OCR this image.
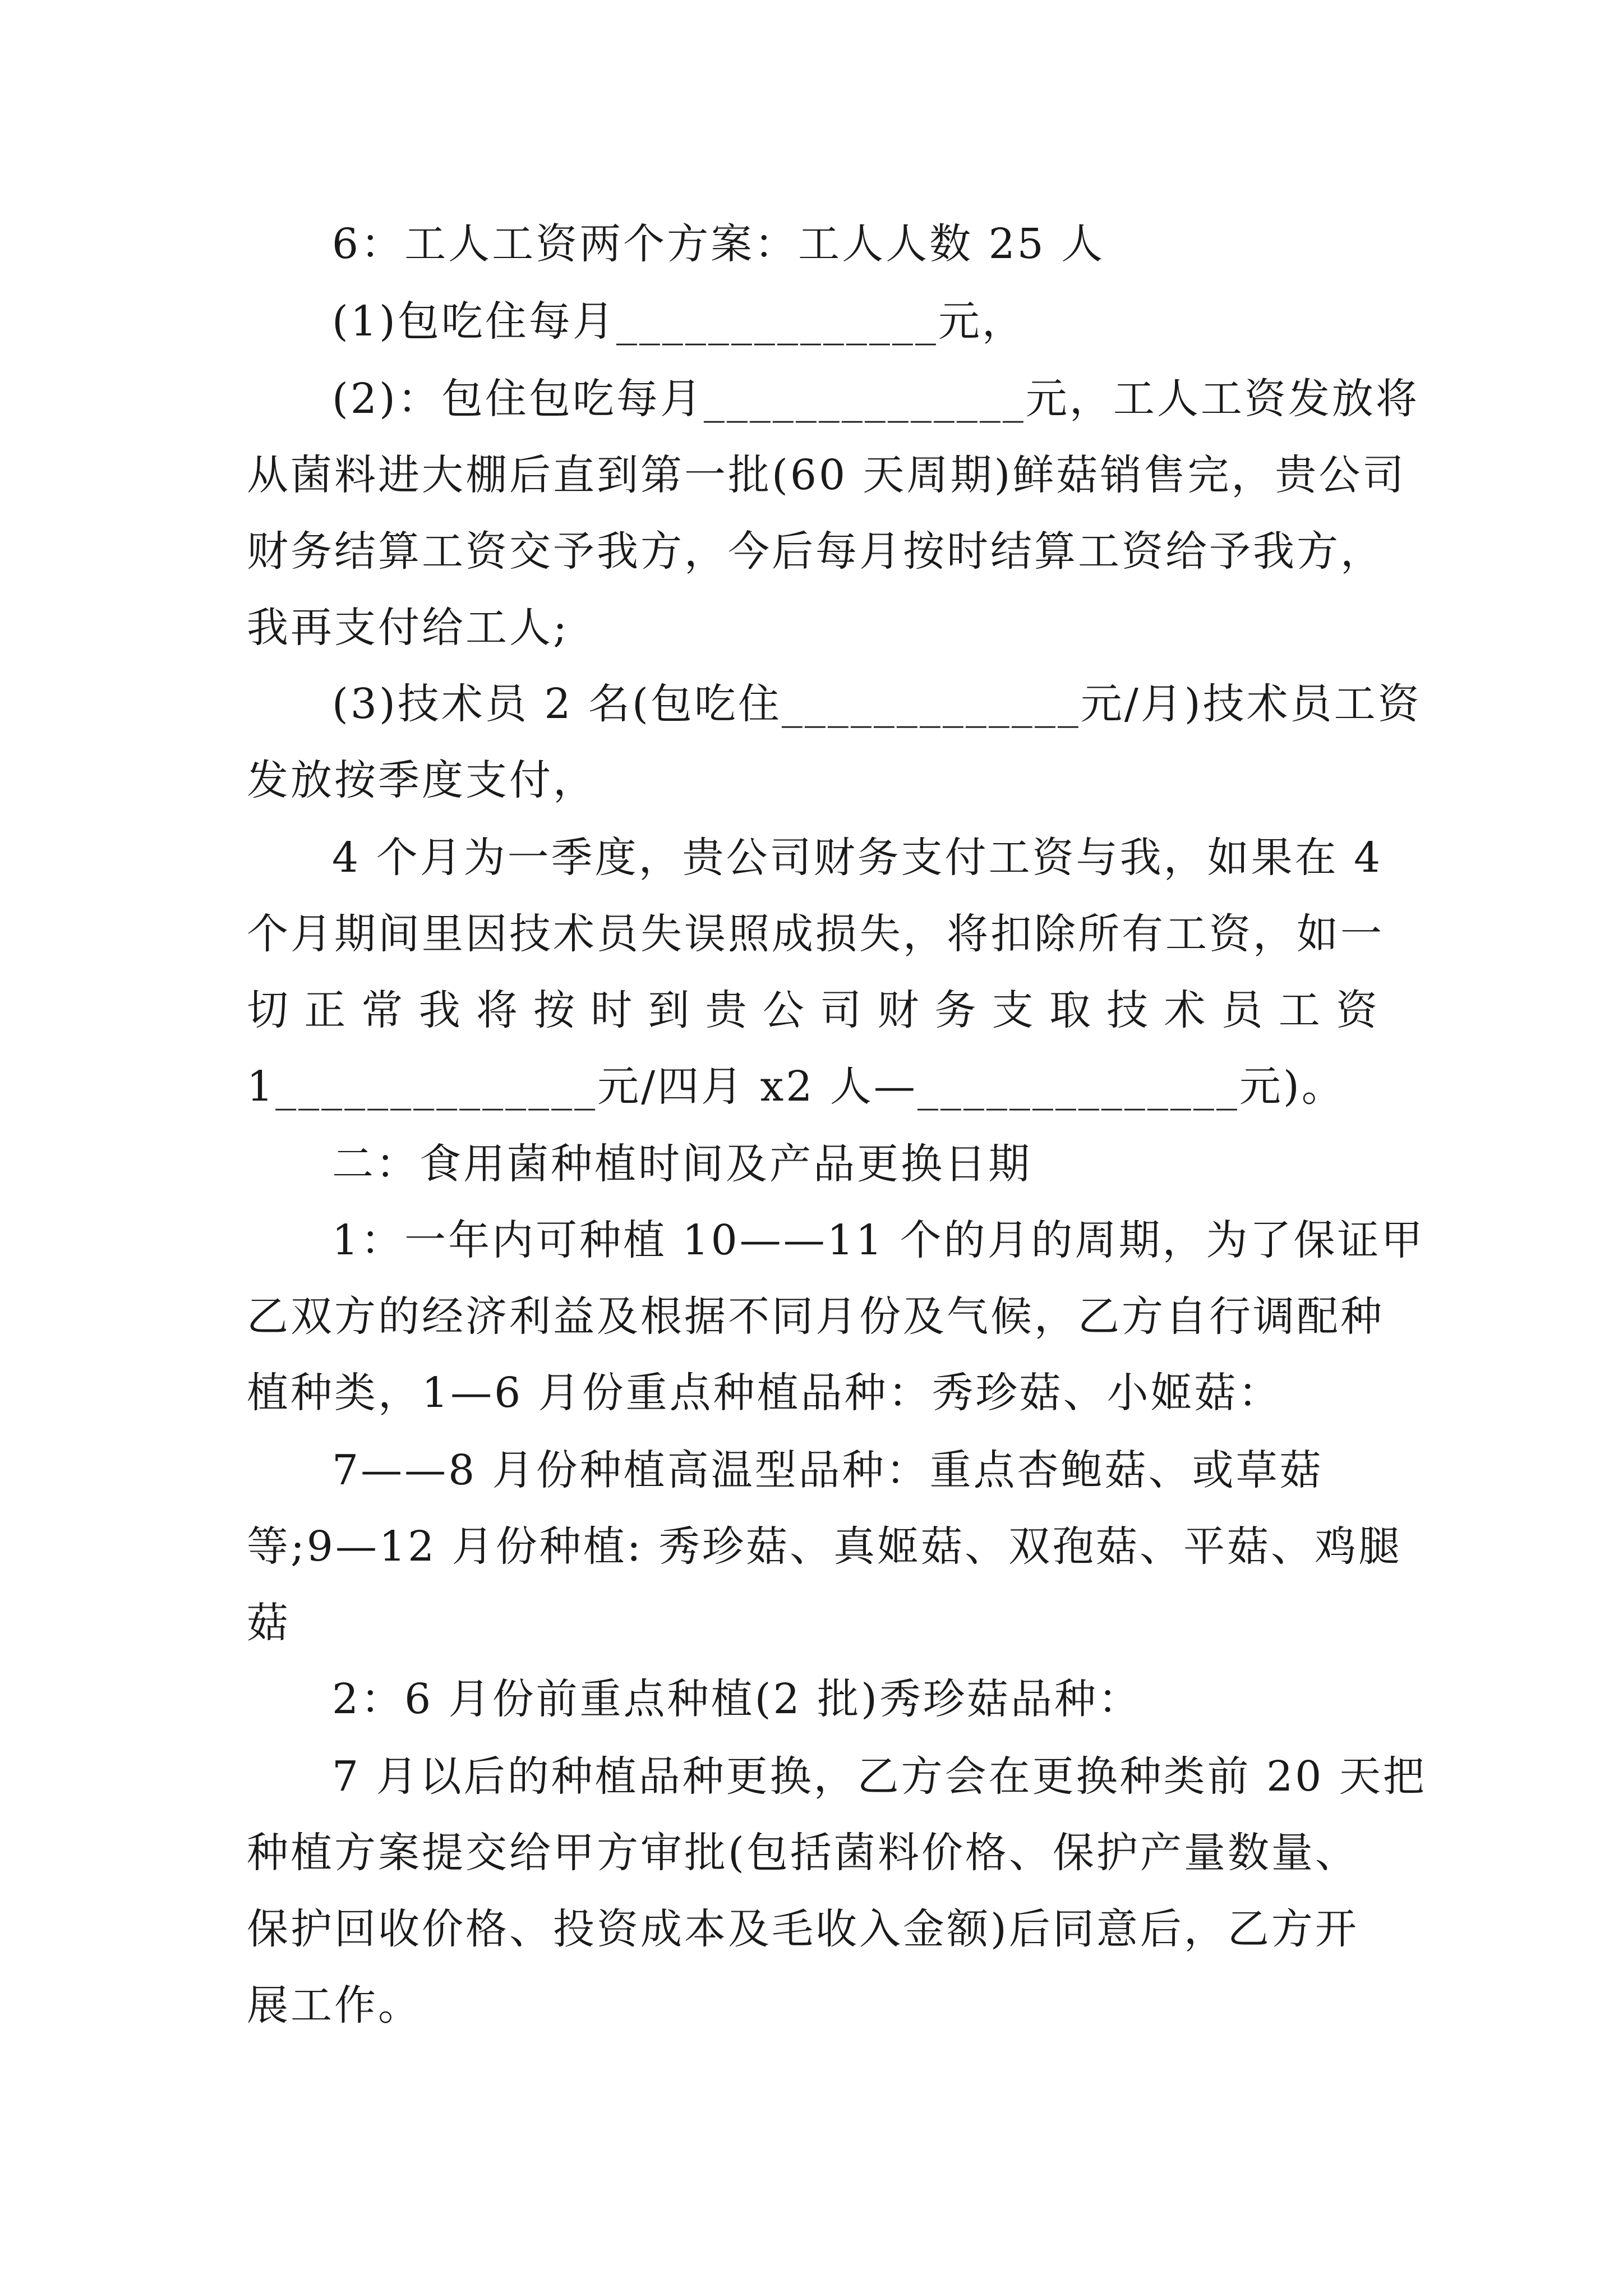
6：工人工资两个方案：工人人数 25 人
(1)包吃住每月______________元，
(2)：包住包吃每月______________元，工人工资发放将
从菌料进大棚后直到第一批(60 天周期)鲜菇销售完，贵公司
财务结算工资交予我方，今后每月按时结算工资给予我方，
我再支付给工人;
(3)技术员 2 名(包吃住_____________元/月)技术员工资
发放按季度支付，
4 个月为一季度，贵公司财务支付工资与我，如果在 4
个月期间里因技术员失误照成损失，将扣除所有工资，如一
切正常我将按时到贵公司财务支取技术员工资
1______________元/四月 x2 人—______________元)。
二：食用菌种植时间及产品更换日期
1：一年内可种植 10——11 个的月的周期，为了保证甲
乙双方的经济利益及根据不同月份及气候，乙方自行调配种
植种类，1—6 月份重点种植品种：秀珍菇、小姬菇：
7——8 月份种植高温型品种：重点杏鲍菇、或草菇
等;9—12 月份种植: 秀珍菇、真姬菇、双孢菇、平菇、鸡腿
菇
2：6 月份前重点种植(2 批)秀珍菇品种：
7 月以后的种植品种更换，乙方会在更换种类前 20 天把
种植方案提交给甲方审批(包括菌料价格、保护产量数量、
保护回收价格、投资成本及毛收入金额)后同意后，乙方开
展工作。
